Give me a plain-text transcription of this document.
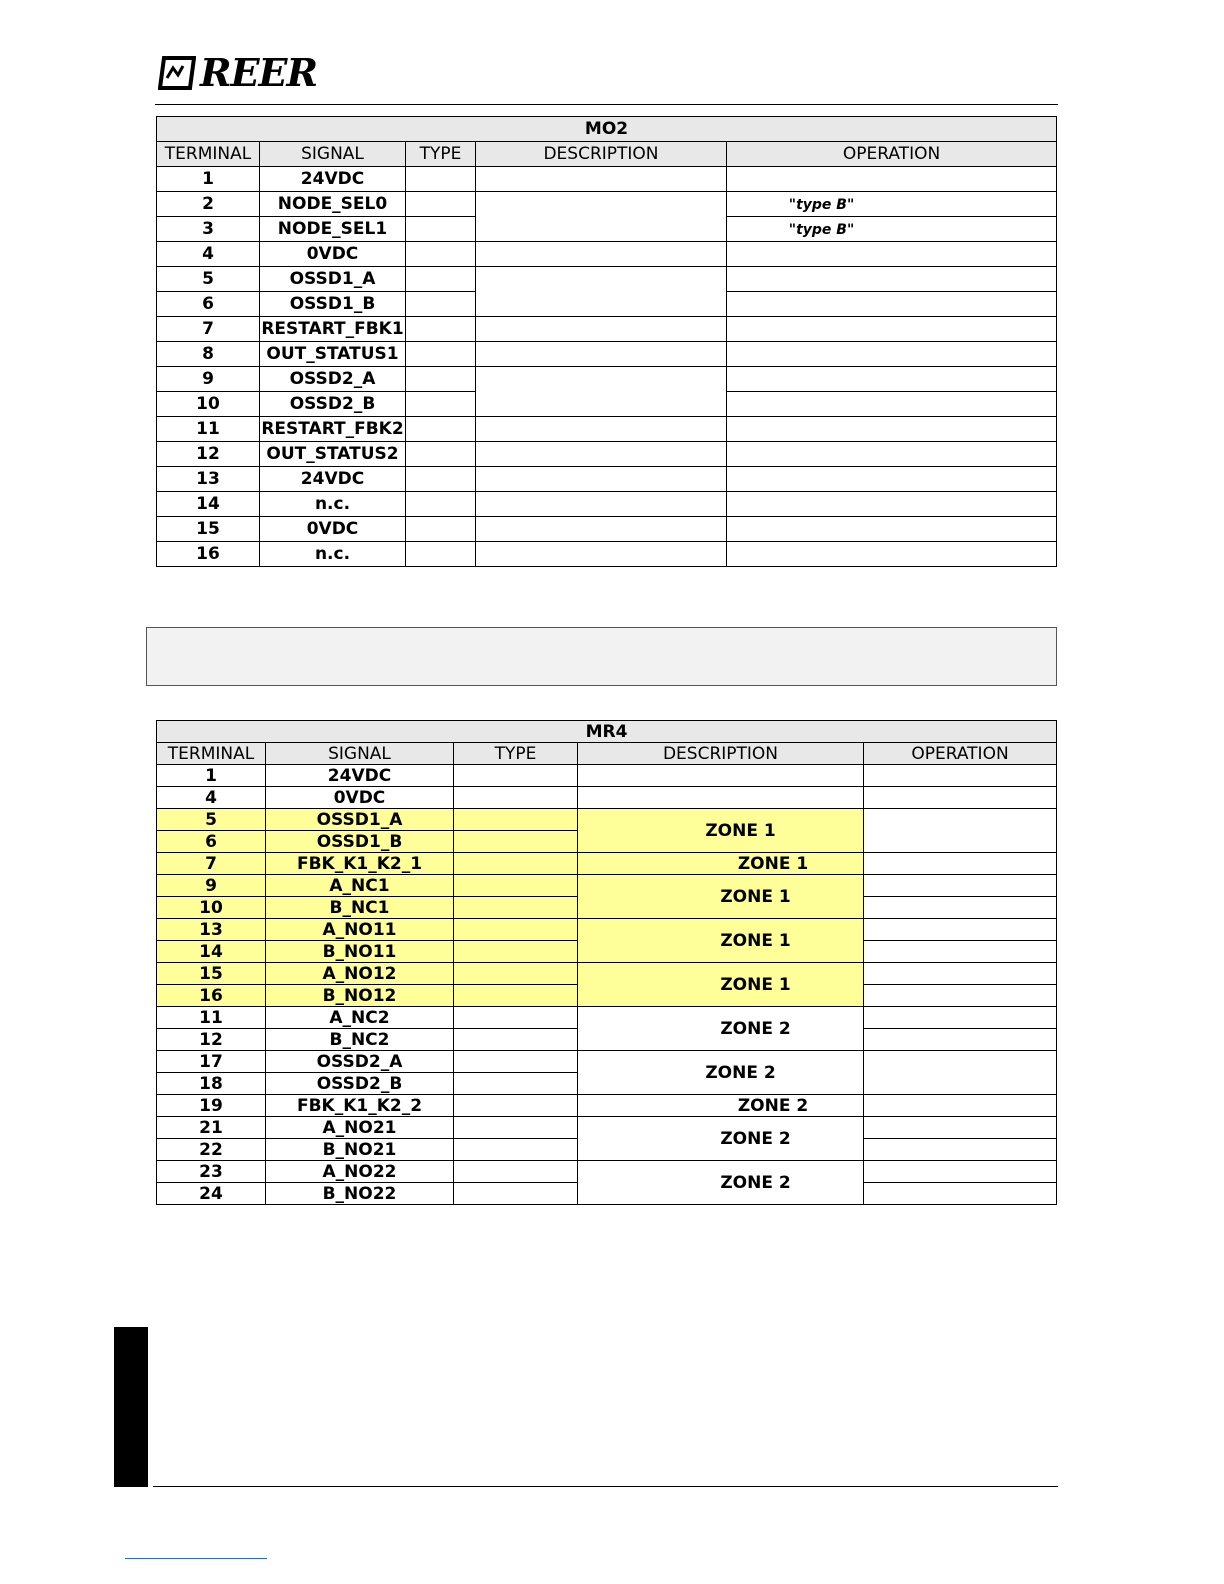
REER
MO2				
TERMINAL	SIGNAL	TYPE	DESCRIPTION	OPERATION
1	24VDC			
2	NODE_SEL0			"type B"
3	NODE_SEL1			"type B"
4	0VDC			
5	OSSD1_A			
6	OSSD1_B			
7	RESTART_FBK1			
8	OUT_STATUS1			
9	OSSD2_A			
10	OSSD2_B			
11	RESTART_FBK2			
12	OUT_STATUS2			
13	24VDC			
14	n.c.			
15	0VDC			
16	n.c.			
MR4				
TERMINAL	SIGNAL	TYPE	DESCRIPTION	OPERATION
1	24VDC			
4	0VDC			
5	OSSD1_A		ZONE 1	
6	OSSD1_B			
7	FBK_K1_K2_1		ZONE 1	
9	A_NC1		ZONE 1	
10	B_NC1			
13	A_NO11		ZONE 1	
14	B_NO11			
15	A_NO12		ZONE 1	
16	B_NO12			
11	A_NC2		ZONE 2	
12	B_NC2			
17	OSSD2_A		ZONE 2	
18	OSSD2_B			
19	FBK_K1_K2_2		ZONE 2	
21	A_NO21		ZONE 2	
22	B_NO21			
23	A_NO22		ZONE 2	
24	B_NO22			
